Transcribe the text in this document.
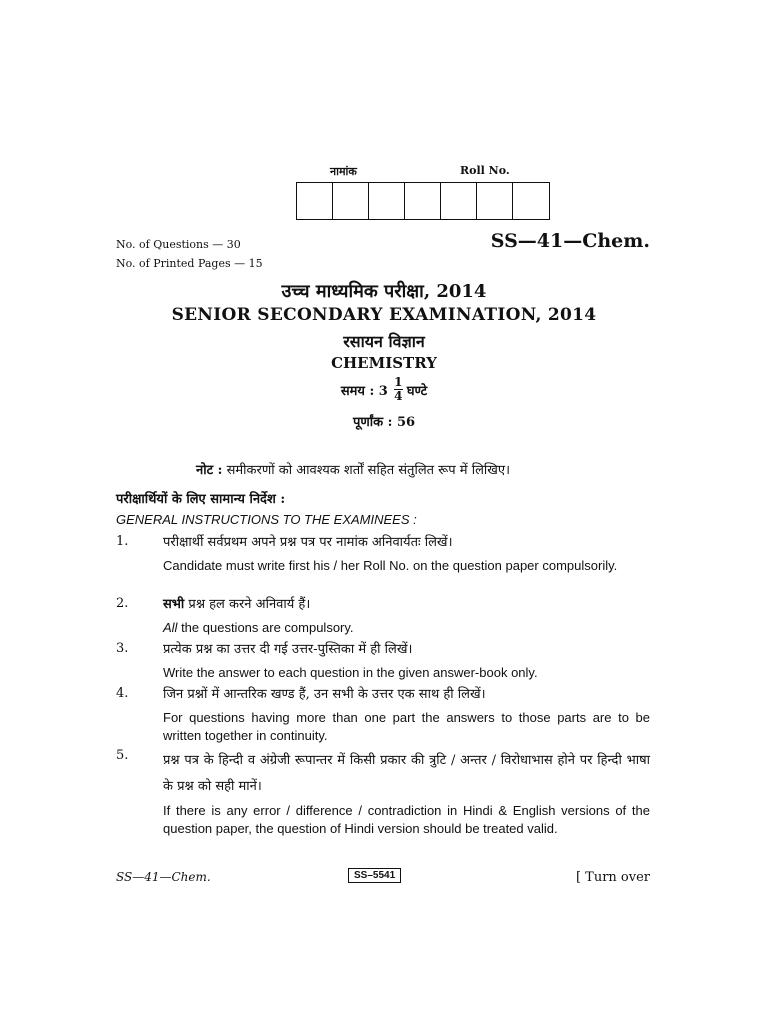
नामांक	Roll No.
No. of Questions — 30
No. of Printed Pages — 15
SS—41—Chem.
उच्च माध्यमिक परीक्षा, 2014
SENIOR SECONDARY EXAMINATION, 2014
रसायन विज्ञान
CHEMISTRY
समय : $3 \frac{1}{4}$ घण्टे
पूर्णांक : 56
नोट : समीकरणों को आवश्यक शर्तों सहित संतुलित रूप में लिखिए।
परीक्षार्थियों के लिए सामान्य निर्देश :
GENERAL INSTRUCTIONS TO THE EXAMINEES :
1.	परीक्षार्थी सर्वप्रथम अपने प्रश्न पत्र पर नामांक अनिवार्यतः लिखें।
Candidate must write first his / her Roll No. on the question paper compulsorily.
2.	सभी प्रश्न हल करने अनिवार्य हैं।
All the questions are compulsory.
3.	प्रत्येक प्रश्न का उत्तर दी गई उत्तर-पुस्तिका में ही लिखें।
Write the answer to each question in the given answer-book only.
4.	जिन प्रश्नों में आन्तरिक खण्ड हैं, उन सभी के उत्तर एक साथ ही लिखें।
For questions having more than one part the answers to those parts are to be written together in continuity.
5.	प्रश्न पत्र के हिन्दी व अंग्रेजी रूपान्तर में किसी प्रकार की त्रुटि / अन्तर / विरोधाभास होने पर हिन्दी भाषा के प्रश्न को सही मानें।
If there is any error / difference / contradiction in Hindi & English versions of the question paper, the question of Hindi version should be treated valid.
SS—41—Chem.	SS–5541	[ Turn over
